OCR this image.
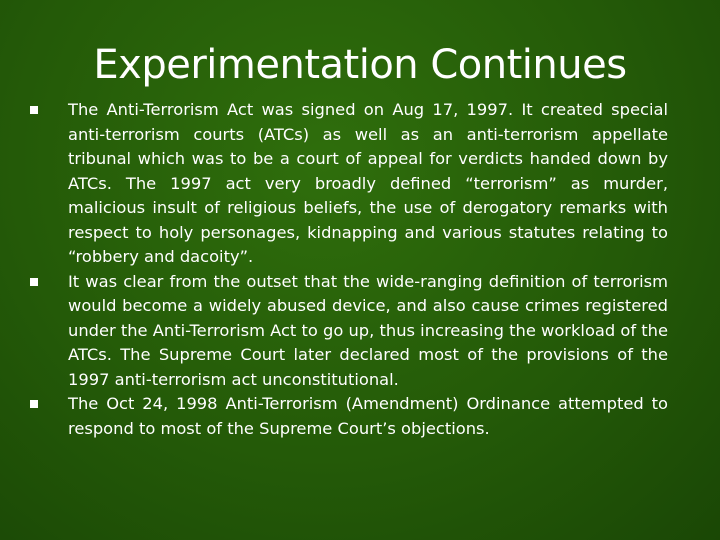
Experimentation Continues
The Anti-Terrorism Act was signed on Aug 17, 1997. It created special anti-terrorism courts (ATCs) as well as an anti-terrorism appellate tribunal which was to be a court of appeal for verdicts handed down by ATCs. The 1997 act very broadly defined “terrorism” as murder, malicious insult of religious beliefs, the use of derogatory remarks with respect to holy personages, kidnapping and various statutes relating to “robbery and dacoity”.
It was clear from the outset that the wide-ranging definition of terrorism would become a widely abused device, and also cause crimes registered under the Anti-Terrorism Act to go up, thus increasing the workload of the ATCs. The Supreme Court later declared most of the provisions of the 1997 anti-terrorism act unconstitutional.
The Oct 24, 1998 Anti-Terrorism (Amendment) Ordinance attempted to respond to most of the Supreme Court’s objections.
